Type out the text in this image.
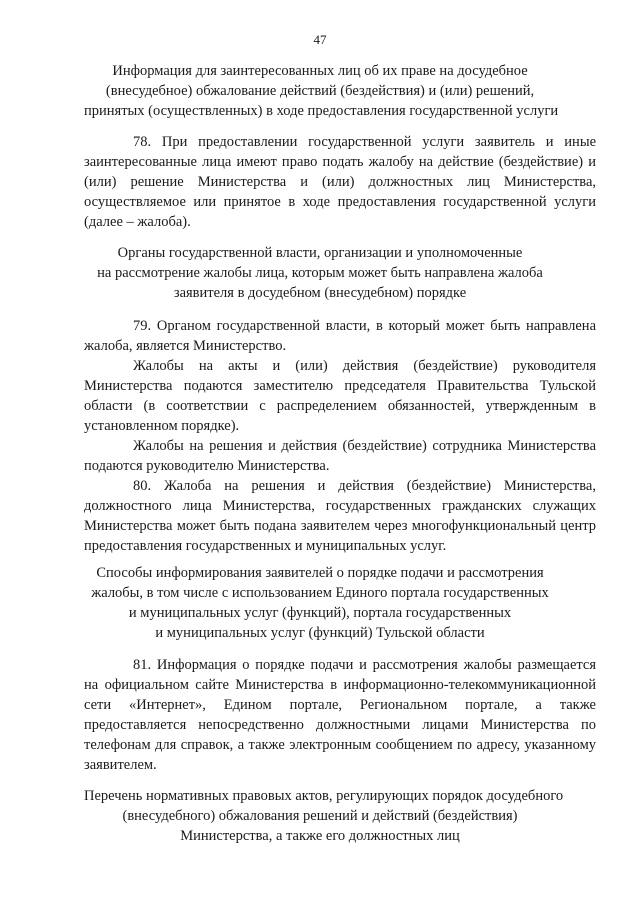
47
Информация для заинтересованных лиц об их праве на досудебное
(внесудебное) обжалование действий (бездействия) и (или) решений,
принятых (осуществленных) в ходе предоставления государственной услуги

78. При предоставлении государственной услуги заявитель и иные заинтересованные лица имеют право подать жалобу на действие (бездействие) и (или) решение Министерства и (или) должностных лиц Министерства, осуществляемое или принятое в ходе предоставления государственной услуги (далее – жалоба).

Органы государственной власти, организации и уполномоченные
на рассмотрение жалобы лица, которым может быть направлена жалоба
заявителя в досудебном (внесудебном) порядке

79. Органом государственной власти, в который может быть направлена жалоба, является Министерство.

Жалобы на акты и (или) действия (бездействие) руководителя Министерства подаются заместителю председателя Правительства Тульской области (в соответствии с распределением обязанностей, утвержденным в установленном порядке).

Жалобы на решения и действия (бездействие) сотрудника Министерства подаются руководителю Министерства.

80. Жалоба на решения и действия (бездействие) Министерства, должностного лица Министерства, государственных гражданских служащих Министерства может быть подана заявителем через многофункциональный центр предоставления государственных и муниципальных услуг.

Способы информирования заявителей о порядке подачи и рассмотрения
жалобы, в том числе с использованием Единого портала государственных
и муниципальных услуг (функций), портала государственных
и муниципальных услуг (функций) Тульской области

81. Информация о порядке подачи и рассмотрения жалобы размещается на официальном сайте Министерства в информационно-телекоммуникационной сети «Интернет», Едином портале, Региональном портале, а также предоставляется непосредственно должностными лицами Министерства по телефонам для справок, а также электронным сообщением по адресу, указанному заявителем.

Перечень нормативных правовых актов, регулирующих порядок досудебного
(внесудебного) обжалования решений и действий (бездействия)
Министерства, а также его должностных лиц
